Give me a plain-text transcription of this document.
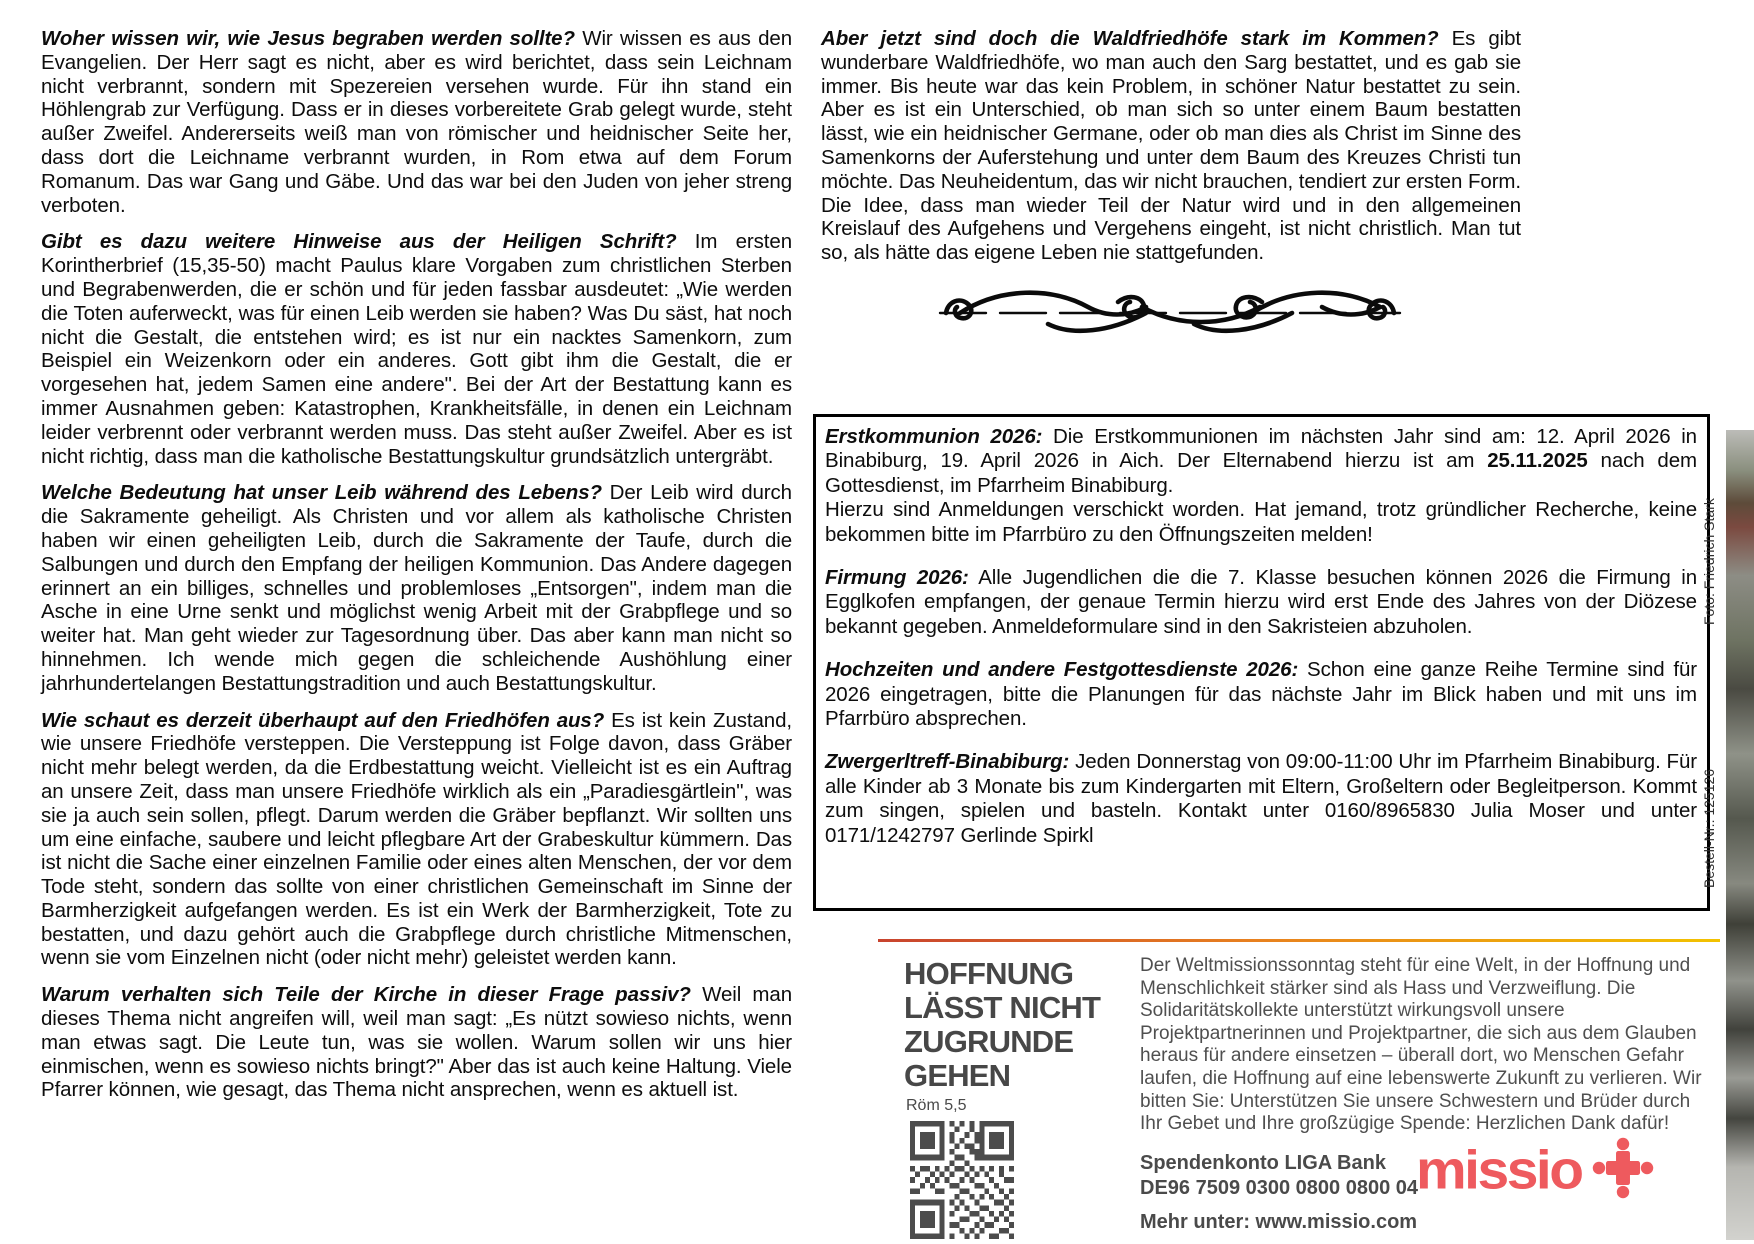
Woher wissen wir, wie Jesus begraben werden sollte? Wir wissen es aus den Evangelien. Der Herr sagt es nicht, aber es wird berichtet, dass sein Leichnam nicht verbrannt, sondern mit Spezereien versehen wurde. Für ihn stand ein Höhlengrab zur Verfügung. Dass er in dieses vorbereitete Grab gelegt wurde, steht außer Zweifel. Andererseits weiß man von römischer und heidnischer Seite her, dass dort die Leichname verbrannt wurden, in Rom etwa auf dem Forum Romanum. Das war Gang und Gäbe. Und das war bei den Juden von jeher streng verboten.

Gibt es dazu weitere Hinweise aus der Heiligen Schrift? Im ersten Korintherbrief (15,35-50) macht Paulus klare Vorgaben zum christlichen Sterben und Begrabenwerden, die er schön und für jeden fassbar ausdeutet: „Wie werden die Toten auferweckt, was für einen Leib werden sie haben? Was Du säst, hat noch nicht die Gestalt, die entstehen wird; es ist nur ein nacktes Samenkorn, zum Beispiel ein Weizenkorn oder ein anderes. Gott gibt ihm die Gestalt, die er vorgesehen hat, jedem Samen eine andere". Bei der Art der Bestattung kann es immer Ausnahmen geben: Katastrophen, Krankheitsfälle, in denen ein Leichnam leider verbrennt oder verbrannt werden muss. Das steht außer Zweifel. Aber es ist nicht richtig, dass man die katholische Bestattungskultur grundsätzlich untergräbt.

Welche Bedeutung hat unser Leib während des Lebens? Der Leib wird durch die Sakramente geheiligt. Als Christen und vor allem als katholische Christen haben wir einen geheiligten Leib, durch die Sakramente der Taufe, durch die Salbungen und durch den Empfang der heiligen Kommunion. Das Andere dagegen erinnert an ein billiges, schnelles und problemloses „Entsorgen", indem man die Asche in eine Urne senkt und möglichst wenig Arbeit mit der Grabpflege und so weiter hat. Man geht wieder zur Tagesordnung über. Das aber kann man nicht so hinnehmen. Ich wende mich gegen die schleichende Aushöhlung einer jahrhundertelangen Bestattungstradition und auch Bestattungskultur.

Wie schaut es derzeit überhaupt auf den Friedhöfen aus? Es ist kein Zustand, wie unsere Friedhöfe versteppen. Die Versteppung ist Folge davon, dass Gräber nicht mehr belegt werden, da die Erdbestattung weicht. Vielleicht ist es ein Auftrag an unsere Zeit, dass man unsere Friedhöfe wirklich als ein „Paradiesgärtlein", was sie ja auch sein sollen, pflegt. Darum werden die Gräber bepflanzt. Wir sollten uns um eine einfache, saubere und leicht pflegbare Art der Grabeskultur kümmern. Das ist nicht die Sache einer einzelnen Familie oder eines alten Menschen, der vor dem Tode steht, sondern das sollte von einer christlichen Gemeinschaft im Sinne der Barmherzigkeit aufgefangen werden. Es ist ein Werk der Barmherzigkeit, Tote zu bestatten, und dazu gehört auch die Grabpflege durch christliche Mitmenschen, wenn sie vom Einzelnen nicht (oder nicht mehr) geleistet werden kann.

Warum verhalten sich Teile der Kirche in dieser Frage passiv? Weil man dieses Thema nicht angreifen will, weil man sagt: „Es nützt sowieso nichts, wenn man etwas sagt. Die Leute tun, was sie wollen. Warum sollen wir uns hier einmischen, wenn es sowieso nichts bringt?" Aber das ist auch keine Haltung. Viele Pfarrer können, wie gesagt, das Thema nicht ansprechen, wenn es aktuell ist.

Aber jetzt sind doch die Waldfriedhöfe stark im Kommen? Es gibt wunderbare Waldfriedhöfe, wo man auch den Sarg bestattet, und es gab sie immer. Bis heute war das kein Problem, in schöner Natur bestattet zu sein. Aber es ist ein Unterschied, ob man sich so unter einem Baum bestatten lässt, wie ein heidnischer Germane, oder ob man dies als Christ im Sinne des Samenkorns der Auferstehung und unter dem Baum des Kreuzes Christi tun möchte. Das Neuheidentum, das wir nicht brauchen, tendiert zur ersten Form. Die Idee, dass man wieder Teil der Natur wird und in den allgemeinen Kreislauf des Aufgehens und Vergehens eingeht, ist nicht christlich. Man tut so, als hätte das eigene Leben nie stattgefunden.

Erstkommunion 2026: Die Erstkommunionen im nächsten Jahr sind am: 12. April 2026 in Binabiburg, 19. April 2026 in Aich. Der Elternabend hierzu ist am 25.11.2025 nach dem Gottesdienst, im Pfarrheim Binabiburg.
Hierzu sind Anmeldungen verschickt worden. Hat jemand, trotz gründlicher Recherche, keine bekommen bitte im Pfarrbüro zu den Öffnungszeiten melden!

Firmung 2026: Alle Jugendlichen die die 7. Klasse besuchen können 2026 die Firmung in Egglkofen empfangen, der genaue Termin hierzu wird erst Ende des Jahres von der Diözese bekannt gegeben. Anmeldeformulare sind in den Sakristeien abzuholen.

Hochzeiten und andere Festgottesdienste 2026: Schon eine ganze Reihe Termine sind für 2026 eingetragen, bitte die Planungen für das nächste Jahr im Blick haben und mit uns im Pfarrbüro absprechen.

Zwergerltreff-Binabiburg: Jeden Donnerstag von 09:00-11:00 Uhr im Pfarrheim Binabiburg. Für alle Kinder ab 3 Monate bis zum Kindergarten mit Eltern, Großeltern oder Begleitperson. Kommt zum singen, spielen und basteln. Kontakt unter 0160/8965830 Julia Moser und unter 0171/1242797 Gerlinde Spirkl

HOFFNUNG
LÄSST NICHT
ZUGRUNDE
GEHEN
Röm 5,5
Der Weltmissionssonntag steht für eine Welt, in der Hoffnung und Menschlichkeit stärker sind als Hass und Verzweiflung. Die Solidaritätskollekte unterstützt wirkungsvoll unsere Projektpartnerinnen und Projektpartner, die sich aus dem Glauben heraus für andere einsetzen – überall dort, wo Menschen Gefahr laufen, die Hoffnung auf eine lebenswerte Zukunft zu verlieren. Wir bitten Sie: Unterstützen Sie unsere Schwestern und Brüder durch Ihr Gebet und Ihre großzügige Spende: Herzlichen Dank dafür!
Spendenkonto LIGA Bank
DE96 7509 0300 0800 0800 04
Mehr unter: www.missio.com
missio
Foto: Friedrich Stark
Bestell-Nr.: 125126
